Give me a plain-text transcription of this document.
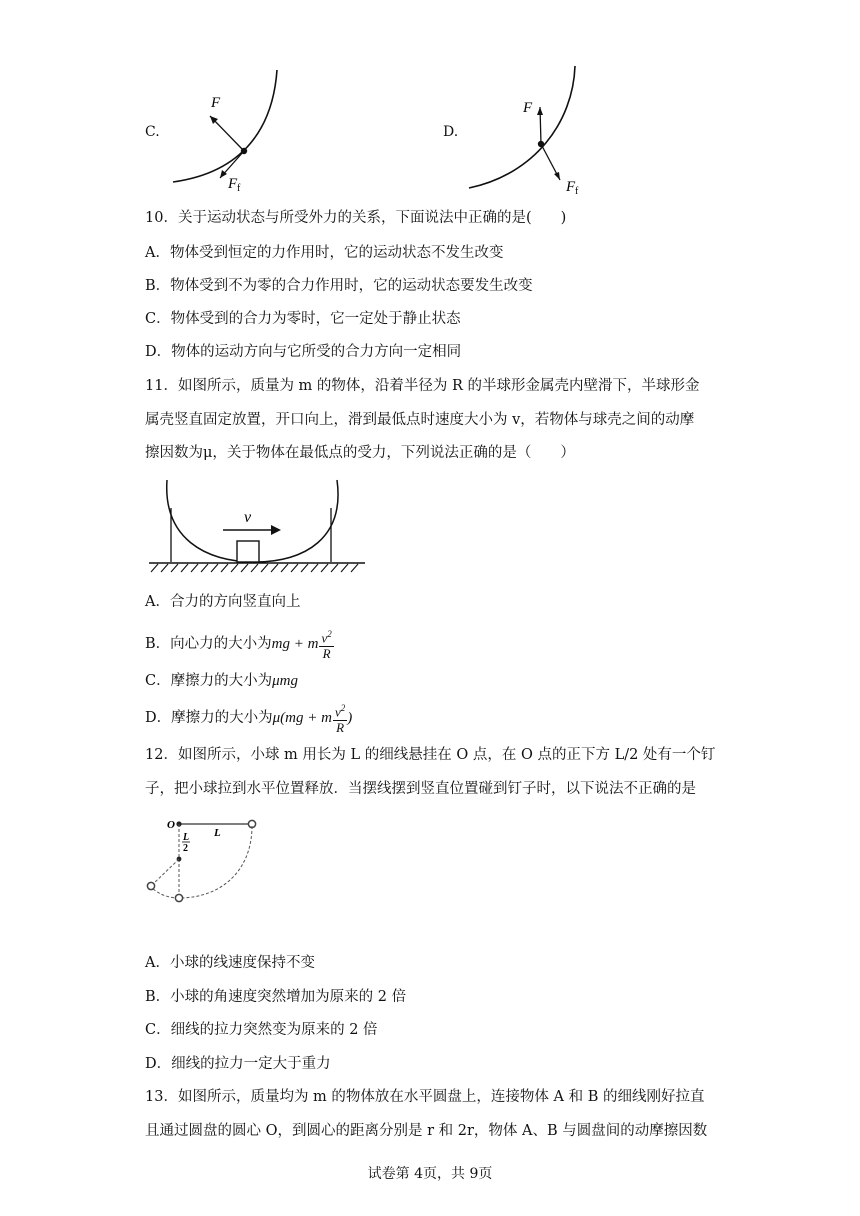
C.
F
F f
D.
F
F f
10．关于运动状态与所受外力的关系，下面说法中正确的是(　　)
A．物体受到恒定的力作用时，它的运动状态不发生改变
B．物体受到不为零的合力作用时，它的运动状态要发生改变
C．物体受到的合力为零时，它一定处于静止状态
D．物体的运动方向与它所受的合力方向一定相同
11．如图所示，质量为 m 的物体，沿着半径为 R 的半球形金属壳内壁滑下，半球形金
属壳竖直固定放置，开口向上，滑到最低点时速度大小为 v，若物体与球壳之间的动摩
擦因数为μ，关于物体在最低点的受力，下列说法正确的是（　　）
v
A．合力的方向竖直向上
B．向心力的大小为mg + m $\frac{v^2}{R}$
C．摩擦力的大小为μmg
D．摩擦力的大小为μ(mg + m $\frac{v^2}{R}$ )
12．如图所示，小球 m 用长为 L 的细线悬挂在 O 点，在 O 点的正下方 L/2 处有一个钉
子，把小球拉到水平位置释放．当摆线摆到竖直位置碰到钉子时，以下说法不正确的是
O
L
L
2
A．小球的线速度保持不变
B．小球的角速度突然增加为原来的 2 倍
C．细线的拉力突然变为原来的 2 倍
D．细线的拉力一定大于重力
13．如图所示，质量均为 m 的物体放在水平圆盘上，连接物体 A 和 B 的细线刚好拉直
且通过圆盘的圆心 O，到圆心的距离分别是 r 和 2r，物体 A、B 与圆盘间的动摩擦因数
试卷第 4页，共 9页
